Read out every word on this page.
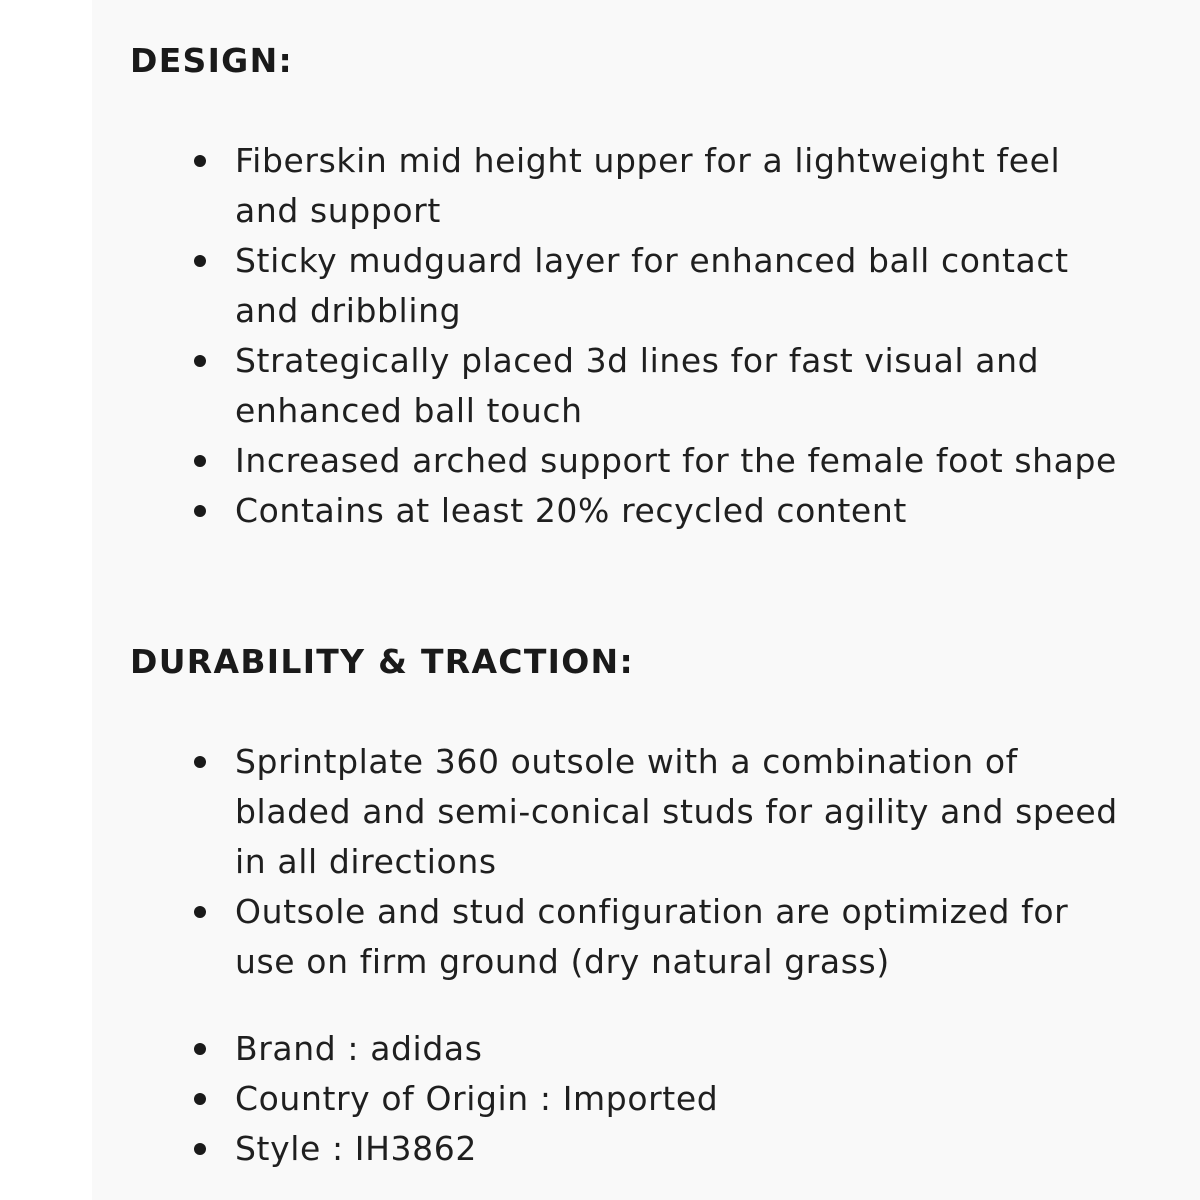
DESIGN:
Fiberskin mid height upper for a lightweight feel and support
Sticky mudguard layer for enhanced ball contact and dribbling
Strategically placed 3d lines for fast visual and enhanced ball touch
Increased arched support for the female foot shape
Contains at least 20% recycled content
DURABILITY & TRACTION:
Sprintplate 360 outsole with a combination of bladed and semi-conical studs for agility and speed in all directions
Outsole and stud configuration are optimized for use on firm ground (dry natural grass)
Brand : adidas
Country of Origin : Imported
Style : IH3862
